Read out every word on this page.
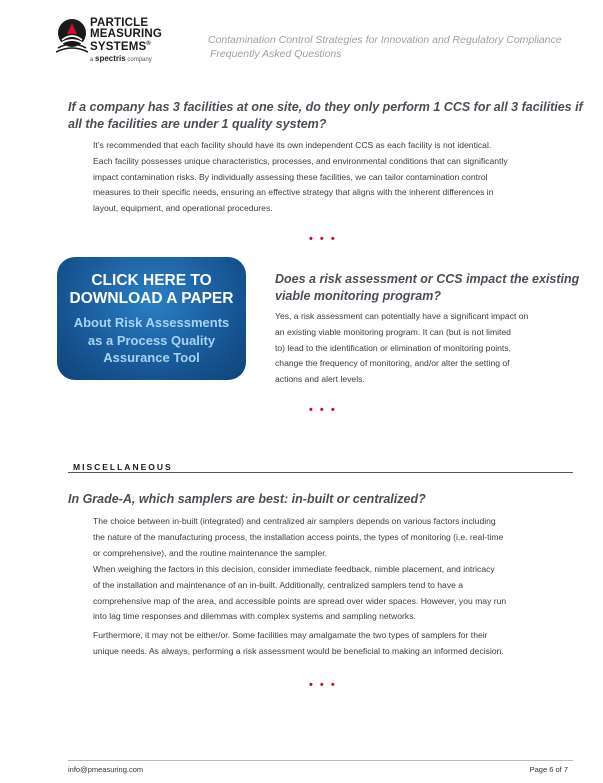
PARTICLE
MEASURING
SYSTEMS®
a spectris company
Contamination Control Strategies for Innovation and Regulatory Compliance
Frequently Asked Questions
If a company has 3 facilities at one site, do they only perform 1 CCS for all 3 facilities if
all the facilities are under 1 quality system?
It’s recommended that each facility should have its own independent CCS as each facility is not identical.
Each facility possesses unique characteristics, processes, and environmental conditions that can significantly
impact contamination risks. By individually assessing these facilities, we can tailor contamination control
measures to their specific needs, ensuring an effective strategy that aligns with the inherent differences in
layout, equipment, and operational procedures.
• • •
CLICK HERE TO
DOWNLOAD A PAPER
About Risk Assessments
as a Process Quality
Assurance Tool
Does a risk assessment or CCS impact the existing
viable monitoring program?
Yes, a risk assessment can potentially have a significant impact on
an existing viable monitoring program. It can (but is not limited
to) lead to the identification or elimination of monitoring points,
change the frequency of monitoring, and/or alter the setting of
actions and alert levels.
• • •
MISCELLANEOUS
In Grade-A, which samplers are best: in-built or centralized?
The choice between in-built (integrated) and centralized air samplers depends on various factors including
the nature of the manufacturing process, the installation access points, the types of monitoring (i.e. real-time
or comprehensive), and the routine maintenance the sampler.
When weighing the factors in this decision, consider immediate feedback, nimble placement, and intricacy
of the installation and maintenance of an in-built. Additionally, centralized samplers tend to have a
comprehensive map of the area, and accessible points are spread over wider spaces. However, you may run
into lag time responses and dilemmas with complex systems and sampling networks.
Furthermore, it may not be either/or. Some facilities may amalgamate the two types of samplers for their
unique needs. As always, performing a risk assessment would be beneficial to making an informed decision.
• • •
info@pmeasuring.com	Page 6 of 7
